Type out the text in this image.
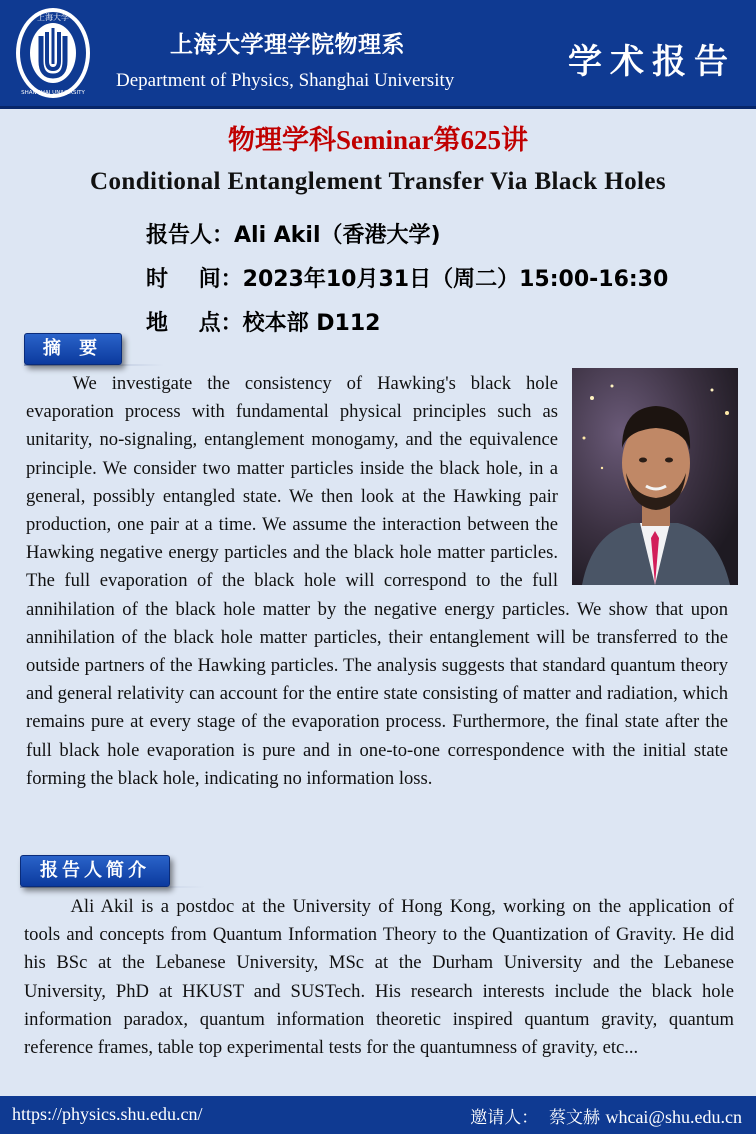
上海大学
SHANGHAI UNIVERSITY
上海大学理学院物理系
Department of Physics, Shanghai University	学术报告
物理学科Seminar第625讲
Conditional Entanglement Transfer Via Black Holes
报告人：Ali Akil（香港大学)
时    间：2023年10月31日（周二）15:00-16:30
地    点：校本部 D112
摘 要

We investigate the consistency of Hawking's black hole evaporation process with fundamental physical principles such as unitarity, no-signaling, entanglement monogamy, and the equivalence principle. We consider two matter particles inside the black hole, in a general, possibly entangled state. We then look at the Hawking pair production, one pair at a time. We assume the interaction between the Hawking negative energy particles and the black hole matter particles. The full evaporation of the black hole will correspond to the full annihilation of the black hole matter by the negative energy particles. We show that upon annihilation of the black hole matter particles, their entanglement will be transferred to the outside partners of the Hawking particles. The analysis suggests that standard quantum theory and general relativity can account for the entire state consisting of matter and radiation, which remains pure at every stage of the evaporation process. Furthermore, the final state after the full black hole evaporation is pure and in one-to-one correspondence with the initial state forming the black hole, indicating no information loss.

报告人简介

Ali Akil is a postdoc at the University of Hong Kong, working on the application of tools and concepts from Quantum Information Theory to the Quantization of Gravity. He did his BSc at the Lebanese University, MSc at the Durham University and the Lebanese University, PhD at HKUST and SUSTech. His research interests include the black hole information paradox, quantum information theoretic inspired quantum gravity, quantum reference frames, table top experimental tests for the quantumness of gravity, etc...

https://physics.shu.edu.cn/	邀请人：  蔡文赫 whcai@shu.edu.cn
